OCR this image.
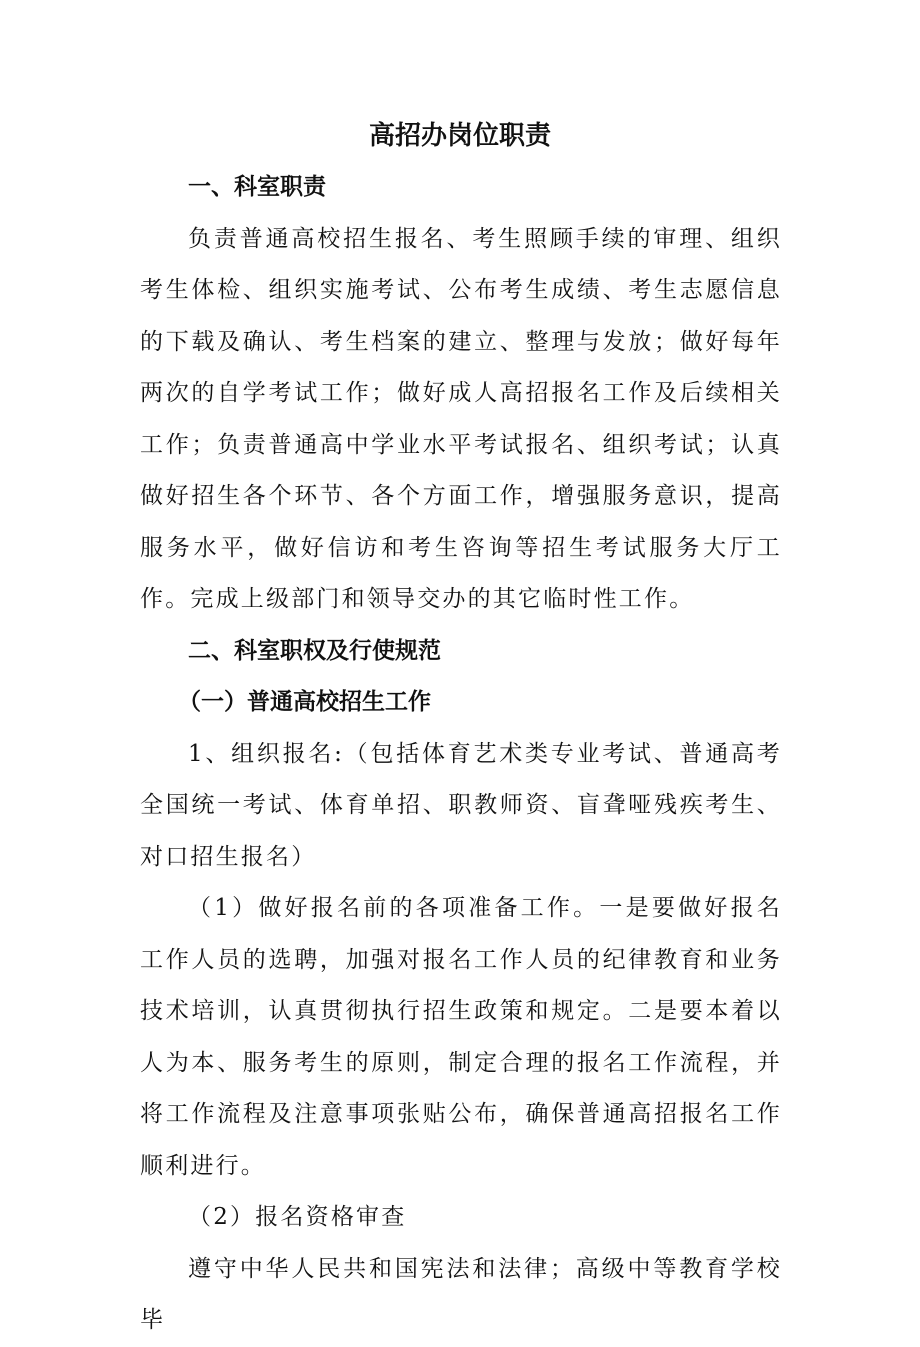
高招办岗位职责

一、科室职责

负责普通高校招生报名、考生照顾手续的审理、组织考生体检、组织实施考试、公布考生成绩、考生志愿信息的下载及确认、考生档案的建立、整理与发放；做好每年两次的自学考试工作；做好成人高招报名工作及后续相关工作；负责普通高中学业水平考试报名、组织考试；认真做好招生各个环节、各个方面工作，增强服务意识，提高服务水平，做好信访和考生咨询等招生考试服务大厅工作。完成上级部门和领导交办的其它临时性工作。

二、科室职权及行使规范

（一）普通高校招生工作

1、组织报名:（包括体育艺术类专业考试、普通高考全国统一考试、体育单招、职教师资、盲聋哑残疾考生、对口招生报名）

（1）做好报名前的各项准备工作。一是要做好报名工作人员的选聘，加强对报名工作人员的纪律教育和业务技术培训，认真贯彻执行招生政策和规定。二是要本着以人为本、服务考生的原则，制定合理的报名工作流程，并将工作流程及注意事项张贴公布，确保普通高招报名工作顺利进行。

（2）报名资格审查

遵守中华人民共和国宪法和法律；高级中等教育学校毕
